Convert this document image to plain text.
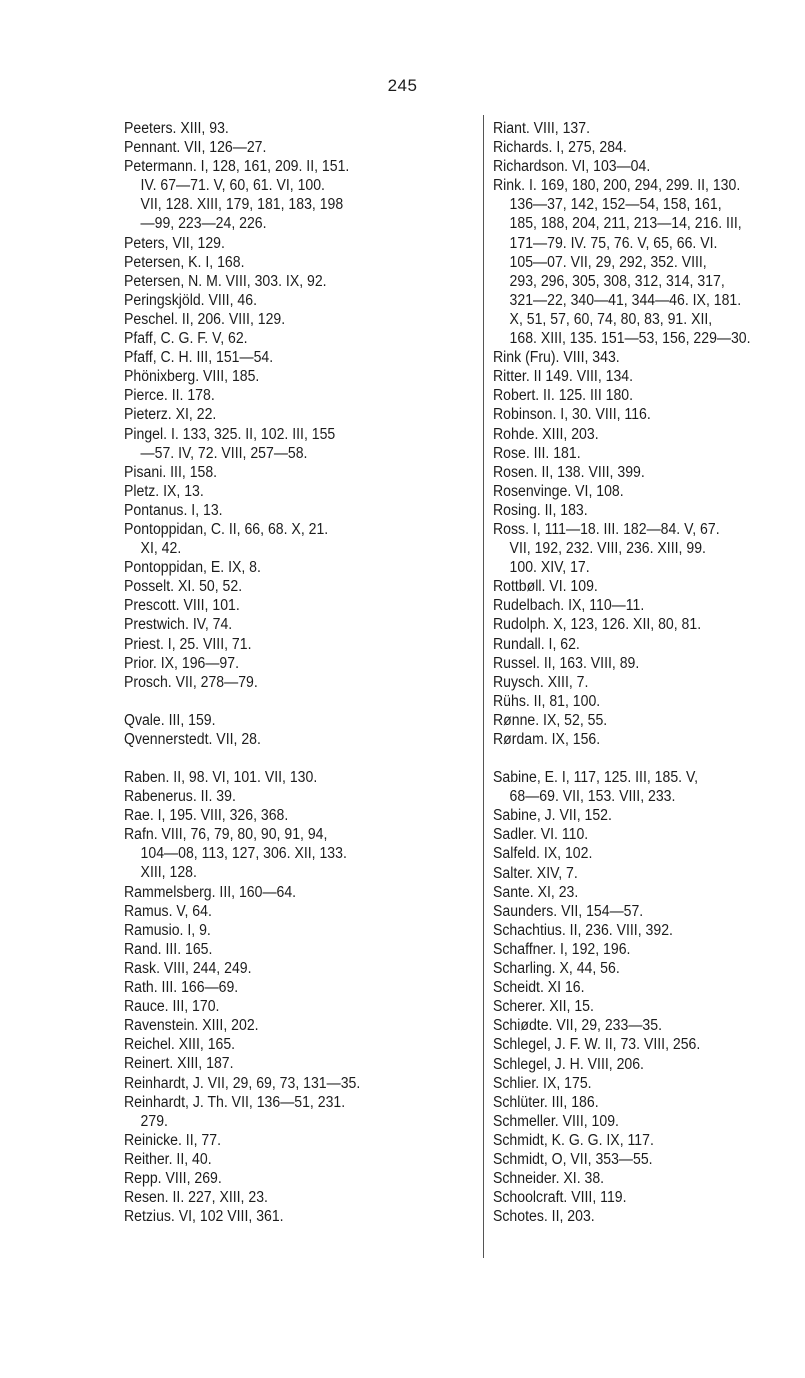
245
Peeters. XIII, 93.
Pennant. VII, 126—27.
Petermann. I, 128, 161, 209. II, 151.
IV. 67—71. V, 60, 61. VI, 100.
VII, 128. XIII, 179, 181, 183, 198
—99, 223—24, 226.
Peters, VII, 129.
Petersen, K. I, 168.
Petersen, N. M. VIII, 303. IX, 92.
Peringskjöld. VIII, 46.
Peschel. II, 206. VIII, 129.
Pfaff, C. G. F. V, 62.
Pfaff, C. H. III, 151—54.
Phönixberg. VIII, 185.
Pierce. II. 178.
Pieterz. XI, 22.
Pingel. I. 133, 325. II, 102. III, 155
—57. IV, 72. VIII, 257—58.
Pisani. III, 158.
Pletz. IX, 13.
Pontanus. I, 13.
Pontoppidan, C. II, 66, 68. X, 21.
XI, 42.
Pontoppidan, E. IX, 8.
Posselt. XI. 50, 52.
Prescott. VIII, 101.
Prestwich. IV, 74.
Priest. I, 25. VIII, 71.
Prior. IX, 196—97.
Prosch. VII, 278—79.
Qvale. III, 159.
Qvennerstedt. VII, 28.
Raben. II, 98. VI, 101. VII, 130.
Rabenerus. II. 39.
Rae. I, 195. VIII, 326, 368.
Rafn. VIII, 76, 79, 80, 90, 91, 94,
104—08, 113, 127, 306. XII, 133.
XIII, 128.
Rammelsberg. III, 160—64.
Ramus. V, 64.
Ramusio. I, 9.
Rand. III. 165.
Rask. VIII, 244, 249.
Rath. III. 166—69.
Rauce. III, 170.
Ravenstein. XIII, 202.
Reichel. XIII, 165.
Reinert. XIII, 187.
Reinhardt, J. VII, 29, 69, 73, 131—35.
Reinhardt, J. Th. VII, 136—51, 231.
279.
Reinicke. II, 77.
Reither. II, 40.
Repp. VIII, 269.
Resen. II. 227, XIII, 23.
Retzius. VI, 102 VIII, 361.
Riant. VIII, 137.
Richards. I, 275, 284.
Richardson. VI, 103—04.
Rink. I. 169, 180, 200, 294, 299. II, 130.
136—37, 142, 152—54, 158, 161,
185, 188, 204, 211, 213—14, 216. III,
171—79. IV. 75, 76. V, 65, 66. VI.
105—07. VII, 29, 292, 352. VIII,
293, 296, 305, 308, 312, 314, 317,
321—22, 340—41, 344—46. IX, 181.
X, 51, 57, 60, 74, 80, 83, 91. XII,
168. XIII, 135. 151—53, 156, 229—30.
Rink (Fru). VIII, 343.
Ritter. II 149. VIII, 134.
Robert. II. 125. III 180.
Robinson. I, 30. VIII, 116.
Rohde. XIII, 203.
Rose. III. 181.
Rosen. II, 138. VIII, 399.
Rosenvinge. VI, 108.
Rosing. II, 183.
Ross. I, 111—18. III. 182—84. V, 67.
VII, 192, 232. VIII, 236. XIII, 99.
100. XIV, 17.
Rottbøll. VI. 109.
Rudelbach. IX, 110—11.
Rudolph. X, 123, 126. XII, 80, 81.
Rundall. I, 62.
Russel. II, 163. VIII, 89.
Ruysch. XIII, 7.
Rühs. II, 81, 100.
Rønne. IX, 52, 55.
Rørdam. IX, 156.
Sabine, E. I, 117, 125. III, 185. V,
68—69. VII, 153. VIII, 233.
Sabine, J. VII, 152.
Sadler. VI. 110.
Salfeld. IX, 102.
Salter. XIV, 7.
Sante. XI, 23.
Saunders. VII, 154—57.
Schachtius. II, 236. VIII, 392.
Schaffner. I, 192, 196.
Scharling. X, 44, 56.
Scheidt. XI 16.
Scherer. XII, 15.
Schiødte. VII, 29, 233—35.
Schlegel, J. F. W. II, 73. VIII, 256.
Schlegel, J. H. VIII, 206.
Schlier. IX, 175.
Schlüter. III, 186.
Schmeller. VIII, 109.
Schmidt, K. G. G. IX, 117.
Schmidt, O, VII, 353—55.
Schneider. XI. 38.
Schoolcraft. VIII, 119.
Schotes. II, 203.
